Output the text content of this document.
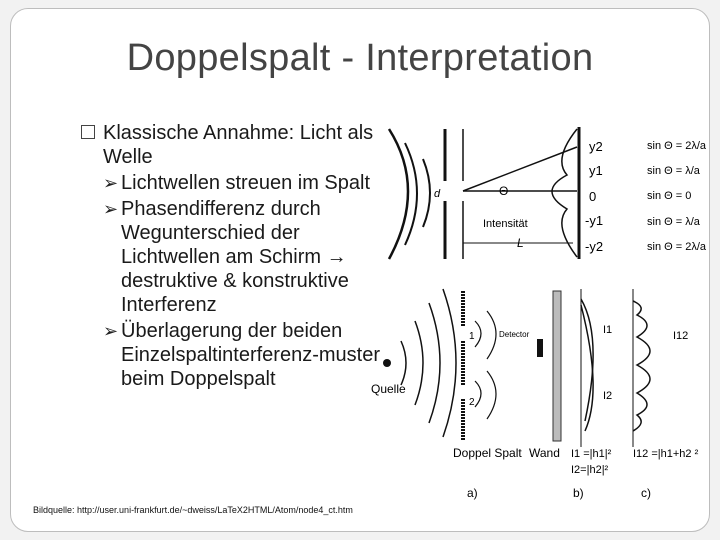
Doppelspalt - Interpretation
Klassische Annahme: Licht als Welle
➢ Lichtwellen streuen im Spalt
➢ Phasendifferenz durch Wegunterschied der Lichtwellen am Schirm → destruktive & konstruktive Interferenz
➢ Überlagerung der beiden Einzelspaltinterferenz-muster beim Doppelspalt
d	Θ
Intensität
L
y2
y1
0
-y1
-y2
sin Θ = 2λ/a
sin Θ = λ/a
sin Θ = 0
sin Θ = λ/a
sin Θ = 2λ/a
Quelle
1
2
Detector	I1
I2
I12
Doppel Spalt Wand I1 =|h1|²
I2=|h2|²
I12 =|h1+h2 ²
a)	b)	c)
Bildquelle: http://user.uni-frankfurt.de/~dweiss/LaTeX2HTML/Atom/node4_ct.htm
